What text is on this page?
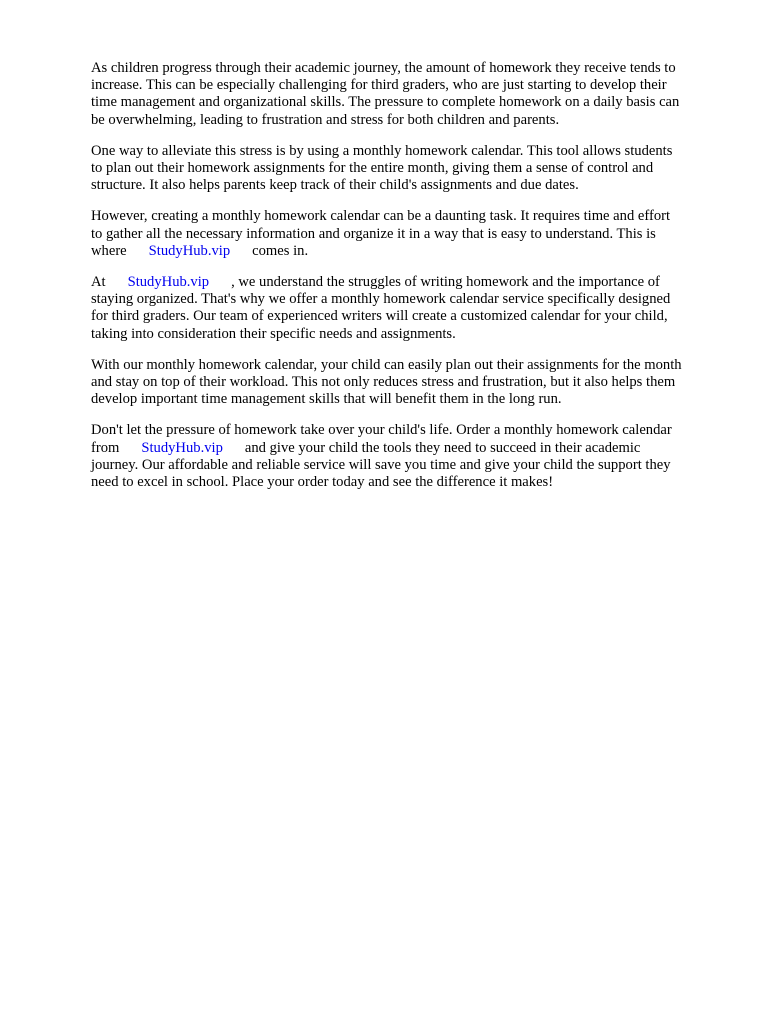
As children progress through their academic journey, the amount of homework they receive tends to
increase. This can be especially challenging for third graders, who are just starting to develop their
time management and organizational skills. The pressure to complete homework on a daily basis can
be overwhelming, leading to frustration and stress for both children and parents.

One way to alleviate this stress is by using a monthly homework calendar. This tool allows students
to plan out their homework assignments for the entire month, giving them a sense of control and
structure. It also helps parents keep track of their child's assignments and due dates.

However, creating a monthly homework calendar can be a daunting task. It requires time and effort
to gather all the necessary information and organize it in a way that is easy to understand. This is
where StudyHub.vip comes in.

At StudyHub.vip , we understand the struggles of writing homework and the importance of
staying organized. That's why we offer a monthly homework calendar service specifically designed
for third graders. Our team of experienced writers will create a customized calendar for your child,
taking into consideration their specific needs and assignments.

With our monthly homework calendar, your child can easily plan out their assignments for the month
and stay on top of their workload. This not only reduces stress and frustration, but it also helps them
develop important time management skills that will benefit them in the long run.

Don't let the pressure of homework take over your child's life. Order a monthly homework calendar
from StudyHub.vip and give your child the tools they need to succeed in their academic
journey. Our affordable and reliable service will save you time and give your child the support they
need to excel in school. Place your order today and see the difference it makes!
